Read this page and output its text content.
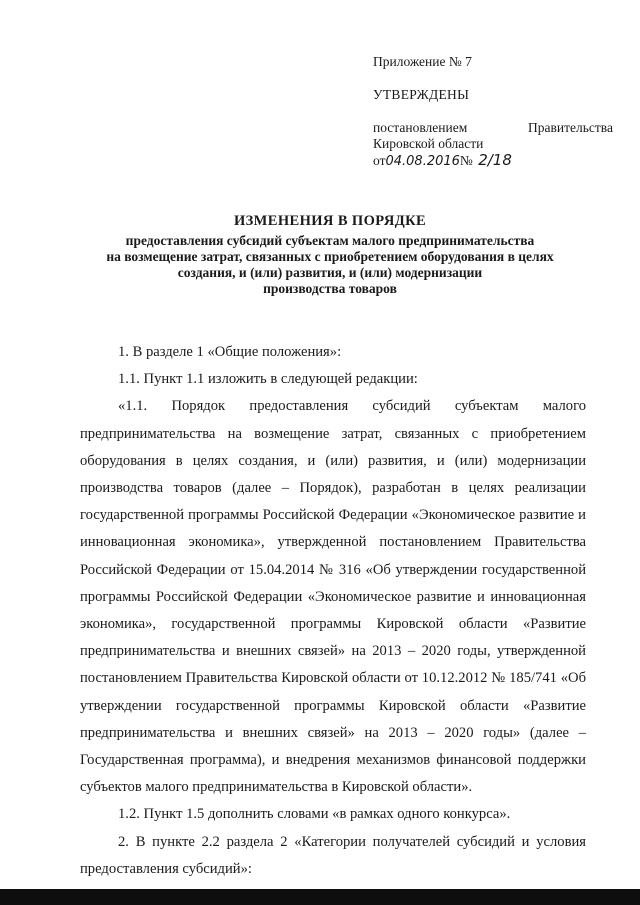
Приложение № 7
УТВЕРЖДЕНЫ
постановлением Правительства
Кировской области
от04.08.2016№ 2/18
ИЗМЕНЕНИЯ В ПОРЯДКЕ
предоставления субсидий субъектам малого предпринимательства
на возмещение затрат, связанных с приобретением оборудования в целях
создания, и (или) развития, и (или) модернизации
производства товаров

1. В разделе 1 «Общие положения»:

1.1. Пункт 1.1 изложить в следующей редакции:

«1.1. Порядок предоставления субсидий субъектам малого предпринимательства на возмещение затрат, связанных с приобретением оборудования в целях создания, и (или) развития, и (или) модернизации производства товаров (далее – Порядок), разработан в целях реализации государственной программы Российской Федерации «Экономическое развитие и инновационная экономика», утвержденной постановлением Правительства Российской Федерации от 15.04.2014 № 316 «Об утверждении государственной программы Российской Федерации «Экономическое развитие и инновационная экономика», государственной программы Кировской области «Развитие предпринимательства и внешних связей» на 2013 – 2020 годы, утвержденной постановлением Правительства Кировской области от 10.12.2012 № 185/741 «Об утверждении государственной программы Кировской области «Развитие предпринимательства и внешних связей» на 2013 – 2020 годы» (далее – Государственная программа), и внедрения механизмов финансовой поддержки субъектов малого предпринимательства в Кировской области».

1.2. Пункт 1.5 дополнить словами «в рамках одного конкурса».

2. В пункте 2.2 раздела 2 «Категории получателей субсидий и условия предоставления субсидий»:
